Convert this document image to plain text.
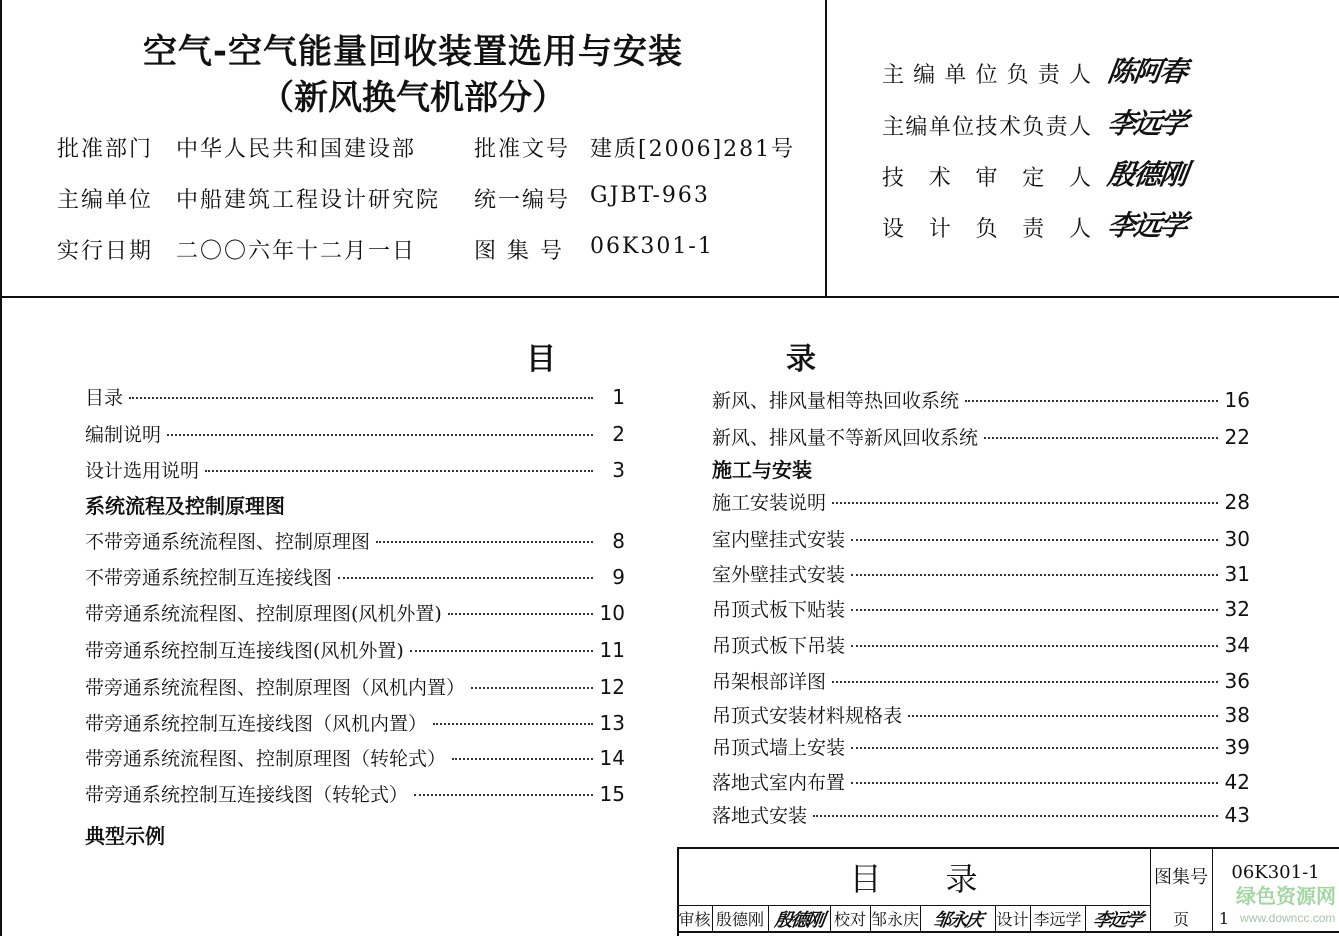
空气-空气能量回收装置选用与安装
（新风换气机部分）
批准部门 中华人民共和国建设部	批准文号 建质[2006]281号
主编单位 中船建筑工程设计研究院 统一编号 GJBT-963
实行日期 二〇〇六年十二月一日	图 集 号 06K301-1
主编单位负责人 陈阿春
主编单位技术负责人 李远学
技 术 审 定 人 殷德刚
设 计 负 责 人 李远学
目	录
目录	1
编制说明	2
设计选用说明	3
系统流程及控制原理图
不带旁通系统流程图、控制原理图	8
不带旁通系统控制互连接线图	9
带旁通系统流程图、控制原理图(风机外置)	10
带旁通系统控制互连接线图(风机外置)	11
带旁通系统流程图、控制原理图（风机内置）	12
带旁通系统控制互连接线图（风机内置）	13
带旁通系统流程图、控制原理图（转轮式）	14
带旁通系统控制互连接线图（转轮式）	15
典型示例
新风、排风量相等热回收系统	16
新风、排风量不等新风回收系统	22
施工与安装
施工安装说明	28
室内壁挂式安装	30
室外壁挂式安装	31
吊顶式板下贴装	32
吊顶式板下吊装	34
吊架根部详图	36
吊顶式安装材料规格表	38
吊顶式墙上安装	39
落地式室内布置	42
落地式安装	43
目　　录	图集号	06K301-1
审核 殷德刚 殷德刚 校对 邹永庆 邹永庆 设计 李远学 李远学	页	1
绿色资源网
www.downcc.com
